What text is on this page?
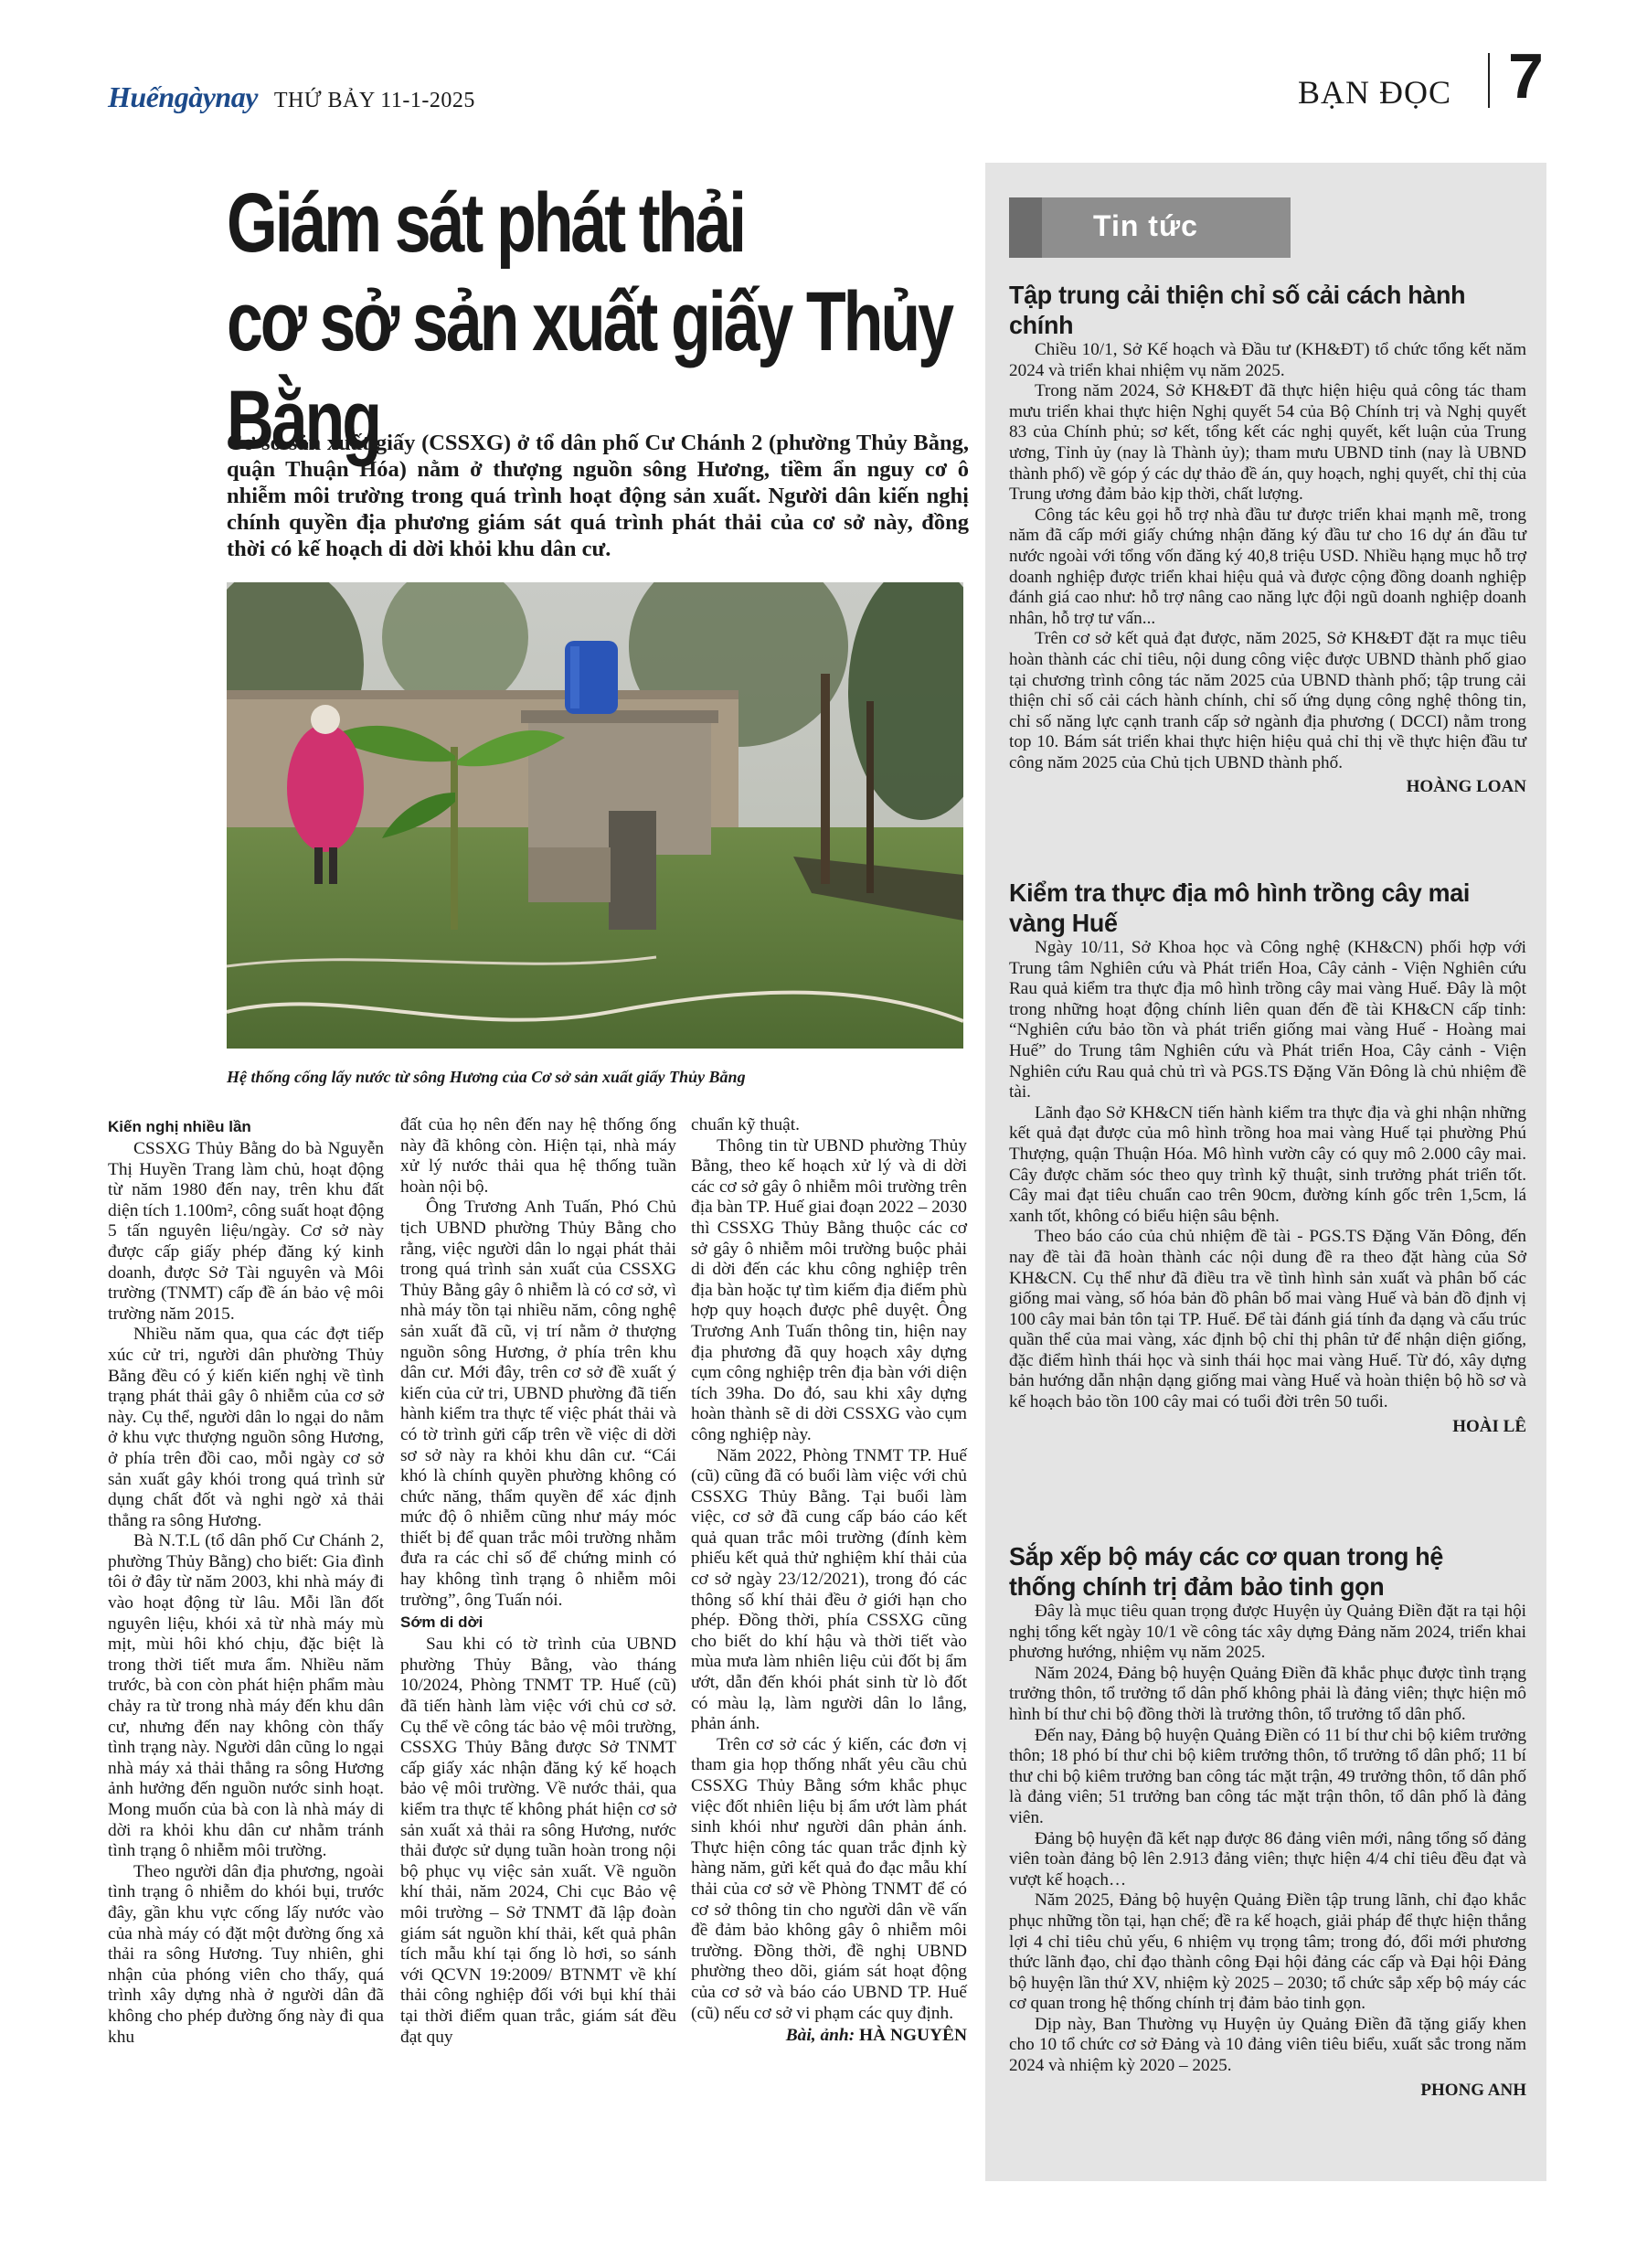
Huếngàynay THỨ BẢY 11-1-2025	BẠN ĐỌC 7
Giám sát phát thải
cơ sở sản xuất giấy Thủy Bằng

Cơ sở sản xuất giấy (CSSXG) ở tổ dân phố Cư Chánh 2 (phường Thủy Bằng, quận Thuận Hóa) nằm ở thượng nguồn sông Hương, tiềm ẩn nguy cơ ô nhiễm môi trường trong quá trình hoạt động sản xuất. Người dân kiến nghị chính quyền địa phương giám sát quá trình phát thải của cơ sở này, đồng thời có kế hoạch di dời khỏi khu dân cư.

Hệ thống cống lấy nước từ sông Hương của Cơ sở sản xuất giấy Thủy Bằng

Kiến nghị nhiều lần

CSSXG Thủy Bằng do bà Nguyễn Thị Huyền Trang làm chủ, hoạt động từ năm 1980 đến nay, trên khu đất diện tích 1.100m², công suất hoạt động 5 tấn nguyên liệu/ngày. Cơ sở này được cấp giấy phép đăng ký kinh doanh, được Sở Tài nguyên và Môi trường (TNMT) cấp đề án bảo vệ môi trường năm 2015.

Nhiều năm qua, qua các đợt tiếp xúc cử tri, người dân phường Thủy Bằng đều có ý kiến kiến nghị về tình trạng phát thải gây ô nhiễm của cơ sở này. Cụ thể, người dân lo ngại do nằm ở khu vực thượng nguồn sông Hương, ở phía trên đồi cao, mỗi ngày cơ sở sản xuất gây khói trong quá trình sử dụng chất đốt và nghi ngờ xả thải thẳng ra sông Hương.

Bà N.T.L (tổ dân phố Cư Chánh 2, phường Thủy Bằng) cho biết: Gia đình tôi ở đây từ năm 2003, khi nhà máy đi vào hoạt động từ lâu. Mỗi lần đốt nguyên liệu, khói xả từ nhà máy mù mịt, mùi hôi khó chịu, đặc biệt là trong thời tiết mưa ẩm. Nhiều năm trước, bà con còn phát hiện phẩm màu chảy ra từ trong nhà máy đến khu dân cư, nhưng đến nay không còn thấy tình trạng này. Người dân cũng lo ngại nhà máy xả thải thẳng ra sông Hương ảnh hưởng đến nguồn nước sinh hoạt. Mong muốn của bà con là nhà máy di dời ra khỏi khu dân cư nhằm tránh tình trạng ô nhiễm môi trường.

Theo người dân địa phương, ngoài tình trạng ô nhiễm do khói bụi, trước đây, gần khu vực cống lấy nước vào của nhà máy có đặt một đường ống xả thải ra sông Hương. Tuy nhiên, ghi nhận của phóng viên cho thấy, quá trình xây dựng nhà ở người dân đã không cho phép đường ống này đi qua khu

đất của họ nên đến nay hệ thống ống này đã không còn. Hiện tại, nhà máy xử lý nước thải qua hệ thống tuần hoàn nội bộ.

Ông Trương Anh Tuấn, Phó Chủ tịch UBND phường Thủy Bằng cho rằng, việc người dân lo ngại phát thải trong quá trình sản xuất của CSSXG Thủy Bằng gây ô nhiễm là có cơ sở, vì nhà máy tồn tại nhiều năm, công nghệ sản xuất đã cũ, vị trí nằm ở thượng nguồn sông Hương, ở phía trên khu dân cư. Mới đây, trên cơ sở đề xuất ý kiến của cử tri, UBND phường đã tiến hành kiểm tra thực tế việc phát thải và có tờ trình gửi cấp trên về việc di dời sơ sở này ra khỏi khu dân cư. “Cái khó là chính quyền phường không có chức năng, thẩm quyền để xác định mức độ ô nhiễm cũng như máy móc thiết bị để quan trắc môi trường nhằm đưa ra các chỉ số để chứng minh có hay không tình trạng ô nhiễm môi trường”, ông Tuấn nói.

Sớm di dời

Sau khi có tờ trình của UBND phường Thủy Bằng, vào tháng 10/2024, Phòng TNMT TP. Huế (cũ) đã tiến hành làm việc với chủ cơ sở. Cụ thể về công tác bảo vệ môi trường, CSSXG Thủy Bằng được Sở TNMT cấp giấy xác nhận đăng ký kế hoạch bảo vệ môi trường. Về nước thải, qua kiểm tra thực tế không phát hiện cơ sở sản xuất xả thải ra sông Hương, nước thải được sử dụng tuần hoàn trong nội bộ phục vụ việc sản xuất. Về nguồn khí thải, năm 2024, Chi cục Bảo vệ môi trường – Sở TNMT đã lập đoàn giám sát nguồn khí thải, kết quả phân tích mẫu khí tại ống lò hơi, so sánh với QCVN 19:2009/ BTNMT về khí thải công nghiệp đối với bụi khí thải tại thời điểm quan trắc, giám sát đều đạt quy

chuẩn kỹ thuật.

Thông tin từ UBND phường Thủy Bằng, theo kế hoạch xử lý và di dời các cơ sở gây ô nhiễm môi trường trên địa bàn TP. Huế giai đoạn 2022 – 2030 thì CSSXG Thủy Bằng thuộc các cơ sở gây ô nhiễm môi trường buộc phải di dời đến các khu công nghiệp trên địa bàn hoặc tự tìm kiếm địa điểm phù hợp quy hoạch được phê duyệt. Ông Trương Anh Tuấn thông tin, hiện nay địa phương đã quy hoạch xây dựng cụm công nghiệp trên địa bàn với diện tích 39ha. Do đó, sau khi xây dựng hoàn thành sẽ di dời CSSXG vào cụm công nghiệp này.

Năm 2022, Phòng TNMT TP. Huế (cũ) cũng đã có buổi làm việc với chủ CSSXG Thủy Bằng. Tại buổi làm việc, cơ sở đã cung cấp báo cáo kết quả quan trắc môi trường (đính kèm phiếu kết quả thử nghiệm khí thải của cơ sở ngày 23/12/2021), trong đó các thông số khí thải đều ở giới hạn cho phép. Đồng thời, phía CSSXG cũng cho biết do khí hậu và thời tiết vào mùa mưa làm nhiên liệu củi đốt bị ẩm ướt, dẫn đến khói phát sinh từ lò đốt có màu lạ, làm người dân lo lắng, phản ánh.

Trên cơ sở các ý kiến, các đơn vị tham gia họp thống nhất yêu cầu chủ CSSXG Thủy Bằng sớm khắc phục việc đốt nhiên liệu bị ẩm ướt làm phát sinh khói như người dân phản ánh. Thực hiện công tác quan trắc định kỳ hàng năm, gửi kết quả đo đạc mẫu khí thải của cơ sở về Phòng TNMT để có cơ sở thông tin cho người dân về vấn đề đảm bảo không gây ô nhiễm môi trường. Đồng thời, đề nghị UBND phường theo dõi, giám sát hoạt động của cơ sở và báo cáo UBND TP. Huế (cũ) nếu cơ sở vi phạm các quy định.

Bài, ảnh: HÀ NGUYÊN
Tin tức
Tập trung cải thiện chỉ số cải cách hành chính

Chiều 10/1, Sở Kế hoạch và Đầu tư (KH&ĐT) tổ chức tổng kết năm 2024 và triển khai nhiệm vụ năm 2025.

Trong năm 2024, Sở KH&ĐT đã thực hiện hiệu quả công tác tham mưu triển khai thực hiện Nghị quyết 54 của Bộ Chính trị và Nghị quyết 83 của Chính phủ; sơ kết, tổng kết các nghị quyết, kết luận của Trung ương, Tỉnh ủy (nay là Thành ủy); tham mưu UBND tỉnh (nay là UBND thành phố) về góp ý các dự thảo đề án, quy hoạch, nghị quyết, chỉ thị của Trung ương đảm bảo kịp thời, chất lượng.

Công tác kêu gọi hỗ trợ nhà đầu tư được triển khai mạnh mẽ, trong năm đã cấp mới giấy chứng nhận đăng ký đầu tư cho 16 dự án đầu tư nước ngoài với tổng vốn đăng ký 40,8 triệu USD. Nhiều hạng mục hỗ trợ doanh nghiệp được triển khai hiệu quả và được cộng đồng doanh nghiệp đánh giá cao như: hỗ trợ nâng cao năng lực đội ngũ doanh nghiệp doanh nhân, hỗ trợ tư vấn...

Trên cơ sở kết quả đạt được, năm 2025, Sở KH&ĐT đặt ra mục tiêu hoàn thành các chỉ tiêu, nội dung công việc được UBND thành phố giao tại chương trình công tác năm 2025 của UBND thành phố; tập trung cải thiện chỉ số cải cách hành chính, chỉ số ứng dụng công nghệ thông tin, chỉ số năng lực cạnh tranh cấp sở ngành địa phương ( DCCI) nằm trong top 10. Bám sát triển khai thực hiện hiệu quả chỉ thị về thực hiện đầu tư công năm 2025 của Chủ tịch UBND thành phố.

HOÀNG LOAN
Kiểm tra thực địa mô hình trồng cây mai vàng Huế

Ngày 10/11, Sở Khoa học và Công nghệ (KH&CN) phối hợp với Trung tâm Nghiên cứu và Phát triển Hoa, Cây cảnh - Viện Nghiên cứu Rau quả kiểm tra thực địa mô hình trồng cây mai vàng Huế. Đây là một trong những hoạt động chính liên quan đến đề tài KH&CN cấp tỉnh: “Nghiên cứu bảo tồn và phát triển giống mai vàng Huế - Hoàng mai Huế” do Trung tâm Nghiên cứu và Phát triển Hoa, Cây cảnh - Viện Nghiên cứu Rau quả chủ trì và PGS.TS Đặng Văn Đông là chủ nhiệm đề tài.

Lãnh đạo Sở KH&CN tiến hành kiểm tra thực địa và ghi nhận những kết quả đạt được của mô hình trồng hoa mai vàng Huế tại phường Phú Thượng, quận Thuận Hóa. Mô hình vườn cây có quy mô 2.000 cây mai. Cây được chăm sóc theo quy trình kỹ thuật, sinh trưởng phát triển tốt. Cây mai đạt tiêu chuẩn cao trên 90cm, đường kính gốc trên 1,5cm, lá xanh tốt, không có biểu hiện sâu bệnh.

Theo báo cáo của chủ nhiệm đề tài - PGS.TS Đặng Văn Đông, đến nay đề tài đã hoàn thành các nội dung đề ra theo đặt hàng của Sở KH&CN. Cụ thể như đã điều tra về tình hình sản xuất và phân bố các giống mai vàng, số hóa bản đồ phân bố mai vàng Huế và bản đồ định vị 100 cây mai bản tôn tại TP. Huế. Để tài đánh giá tính đa dạng và cấu trúc quần thể của mai vàng, xác định bộ chỉ thị phân tử để nhận diện giống, đặc điểm hình thái học và sinh thái học mai vàng Huế. Từ đó, xây dựng bản hướng dẫn nhận dạng giống mai vàng Huế và hoàn thiện bộ hồ sơ và kế hoạch bảo tồn 100 cây mai có tuổi đời trên 50 tuổi.

HOÀI LÊ
Sắp xếp bộ máy các cơ quan trong hệ thống chính trị đảm bảo tinh gọn

Đây là mục tiêu quan trọng được Huyện ủy Quảng Điền đặt ra tại hội nghị tổng kết ngày 10/1 về công tác xây dựng Đảng năm 2024, triển khai phương hướng, nhiệm vụ năm 2025.

Năm 2024, Đảng bộ huyện Quảng Điền đã khắc phục được tình trạng trưởng thôn, tổ trưởng tổ dân phố không phải là đảng viên; thực hiện mô hình bí thư chi bộ đồng thời là trưởng thôn, tổ trưởng tổ dân phố.

Đến nay, Đảng bộ huyện Quảng Điền có 11 bí thư chi bộ kiêm trưởng thôn; 18 phó bí thư chi bộ kiêm trưởng thôn, tổ trưởng tổ dân phố; 11 bí thư chi bộ kiêm trưởng ban công tác mặt trận, 49 trưởng thôn, tổ dân phố là đảng viên; 51 trưởng ban công tác mặt trận thôn, tổ dân phố là đảng viên.

Đảng bộ huyện đã kết nạp được 86 đảng viên mới, nâng tổng số đảng viên toàn đảng bộ lên 2.913 đảng viên; thực hiện 4/4 chỉ tiêu đều đạt và vượt kế hoạch…

Năm 2025, Đảng bộ huyện Quảng Điền tập trung lãnh, chỉ đạo khắc phục những tồn tại, hạn chế; đề ra kế hoạch, giải pháp để thực hiện thắng lợi 4 chỉ tiêu chủ yếu, 6 nhiệm vụ trọng tâm; trong đó, đổi mới phương thức lãnh đạo, chỉ đạo thành công Đại hội đảng các cấp và Đại hội Đảng bộ huyện lần thứ XV, nhiệm kỳ 2025 – 2030; tổ chức sắp xếp bộ máy các cơ quan trong hệ thống chính trị đảm bảo tinh gọn.

Dịp này, Ban Thường vụ Huyện ủy Quảng Điền đã tặng giấy khen cho 10 tổ chức cơ sở Đảng và 10 đảng viên tiêu biểu, xuất sắc trong năm 2024 và nhiệm kỳ 2020 – 2025.

PHONG ANH
